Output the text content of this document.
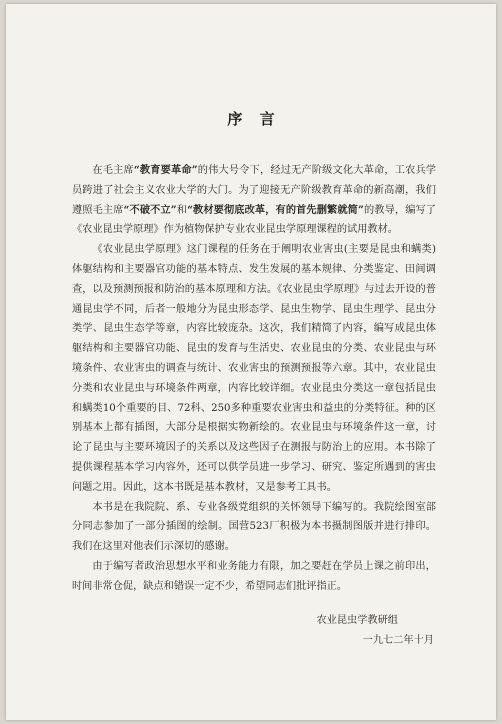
序 言

在毛主席“教育要革命”的伟大号令下，经过无产阶级文化大革命，工农兵学员跨进了社会主义农业大学的大门。为了迎接无产阶级教育革命的新高潮，我们遵照毛主席“不破不立”和“教材要彻底改革，有的首先删繁就简”的教导，编写了《农业昆虫学原理》作为植物保护专业农业昆虫学原理课程的试用教材。

《农业昆虫学原理》这门课程的任务在于阐明农业害虫(主要是昆虫和螨类)体躯结构和主要器官功能的基本特点、发生发展的基本规律、分类鉴定、田间调查，以及预测预报和防治的基本原理和方法。《农业昆虫学原理》与过去开设的普通昆虫学不同，后者一般地分为昆虫形态学、昆虫生物学、昆虫生理学、昆虫分类学、昆虫生态学等章，内容比较庞杂。这次，我们精简了内容，编写成昆虫体躯结构和主要器官功能、昆虫的发育与生活史、农业昆虫的分类、农业昆虫与环境条件、农业害虫的调查与统计、农业害虫的预测预报等六章。其中，农业昆虫分类和农业昆虫与环境条件两章，内容比较详细。农业昆虫分类这一章包括昆虫和螨类10个重要的目、72科、250多种重要农业害虫和益虫的分类特征。种的区别基本上都有插图，大部分是根据实物新绘的。农业昆虫与环境条件这一章，讨论了昆虫与主要环境因子的关系以及这些因子在测报与防治上的应用。本书除了提供课程基本学习内容外，还可以供学员进一步学习、研究、鉴定所遇到的害虫问题之用。因此，这本书既是基本教材，又是参考工具书。

本书是在我院院、系、专业各级党组织的关怀领导下编写的。我院绘图室部分同志参加了一部分插图的绘制。国营523厂积极为本书摄制图版并进行排印。我们在这里对他表们示深切的感谢。

由于编写者政治思想水平和业务能力有限，加之要赶在学员上课之前印出，时间非常仓促，缺点和错误一定不少，希望同志们批评指正。

农业昆虫学教研组
一九七二年十月
